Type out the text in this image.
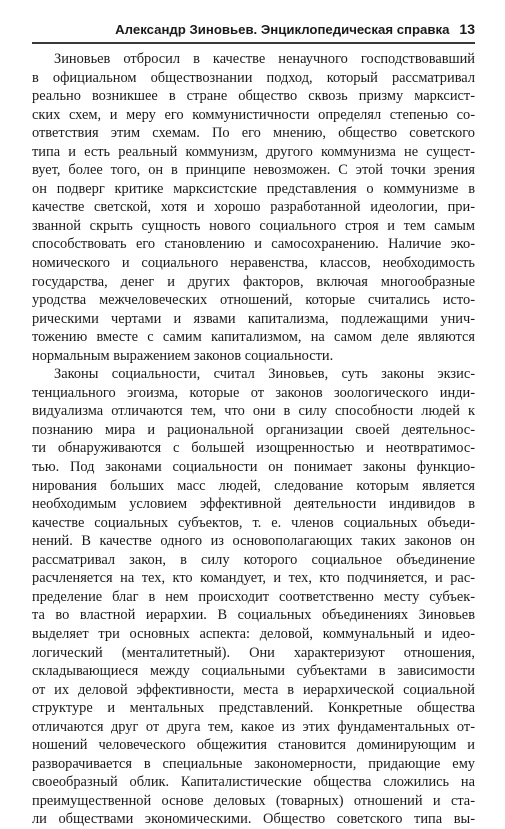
Александр Зиновьев. Энциклопедическая справка 13
Зиновьев отбросил в качестве ненаучного господствовавший
в официальном обществознании подход, который рассматривал
реально возникшее в стране общество сквозь призму марксист-
ских схем, и меру его коммунистичности определял степенью со-
ответствия этим схемам. По его мнению, общество советского
типа и есть реальный коммунизм, другого коммунизма не сущест-
вует, более того, он в принципе невозможен. С этой точки зрения
он подверг критике марксистские представления о коммунизме в
качестве светской, хотя и хорошо разработанной идеологии, при-
званной скрыть сущность нового социального строя и тем самым
способствовать его становлению и самосохранению. Наличие эко-
номического и социального неравенства, классов, необходимость
государства, денег и других факторов, включая многообразные
уродства межчеловеческих отношений, которые считались исто-
рическими чертами и язвами капитализма, подлежащими унич-
тожению вместе с самим капитализмом, на самом деле являются
нормальным выражением законов социальности.
Законы социальности, считал Зиновьев, суть законы экзис-
тенциального эгоизма, которые от законов зоологического инди-
видуализма отличаются тем, что они в силу способности людей к
познанию мира и рациональной организации своей деятельнос-
ти обнаруживаются с большей изощренностью и неотвратимос-
тью. Под законами социальности он понимает законы функцио-
нирования больших масс людей, следование которым является
необходимым условием эффективной деятельности индивидов в
качестве социальных субъектов, т. е. членов социальных объеди-
нений. В качестве одного из основополагающих таких законов он
рассматривал закон, в силу которого социальное объединение
расчленяется на тех, кто командует, и тех, кто подчиняется, и рас-
пределение благ в нем происходит соответственно месту субъек-
та во властной иерархии. В социальных объединениях Зиновьев
выделяет три основных аспекта: деловой, коммунальный и идео-
логический (менталитетный). Они характеризуют отношения,
складывающиеся между социальными субъектами в зависимости
от их деловой эффективности, места в иерархической социальной
структуре и ментальных представлений. Конкретные общества
отличаются друг от друга тем, какое из этих фундаментальных от-
ношений человеческого общежития становится доминирующим и
разворачивается в специальные закономерности, придающие ему
своеобразный облик. Капиталистические общества сложились на
преимущественной основе деловых (товарных) отношений и ста-
ли обществами экономическими. Общество советского типа вы-
